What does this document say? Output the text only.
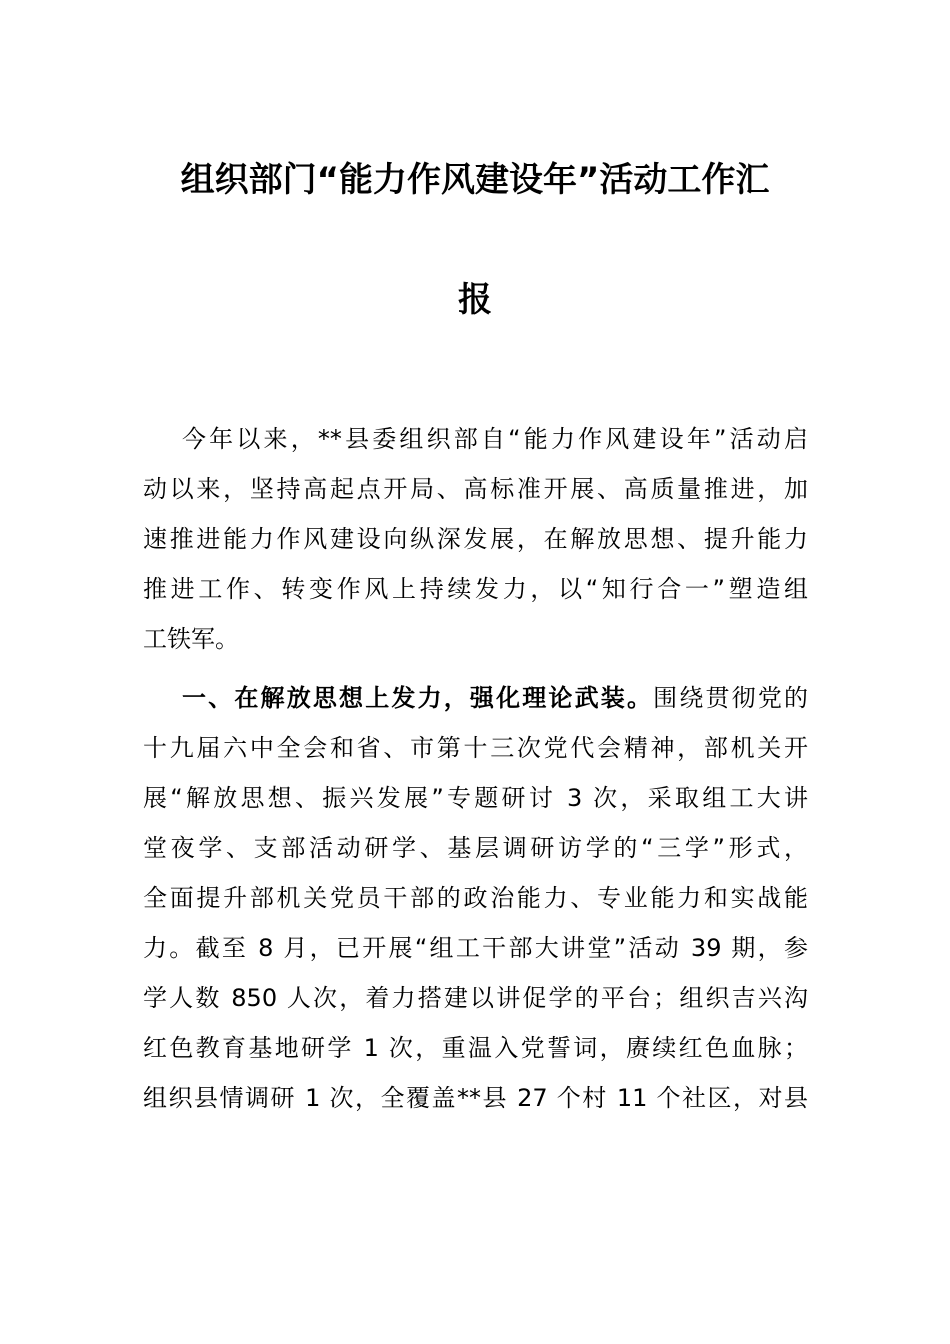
组织部门“能力作风建设年”活动工作汇
报
今年以来，**县委组织部自“能力作风建设年”活动启
动以来，坚持高起点开局、高标准开展、高质量推进，加
速推进能力作风建设向纵深发展，在解放思想、提升能力
推进工作、转变作风上持续发力，以“知行合一”塑造组
工铁军。
一、在解放思想上发力，强化理论武装。围绕贯彻党的
十九届六中全会和省、市第十三次党代会精神，部机关开
展“解放思想、振兴发展”专题研讨 3 次，采取组工大讲
堂夜学、支部活动研学、基层调研访学的“三学”形式，
全面提升部机关党员干部的政治能力、专业能力和实战能
力。截至 8 月，已开展“组工干部大讲堂”活动 39 期，参
学人数 850 人次，着力搭建以讲促学的平台；组织吉兴沟
红色教育基地研学 1 次，重温入党誓词，赓续红色血脉；
组织县情调研 1 次，全覆盖**县 27 个村 11 个社区，对县
